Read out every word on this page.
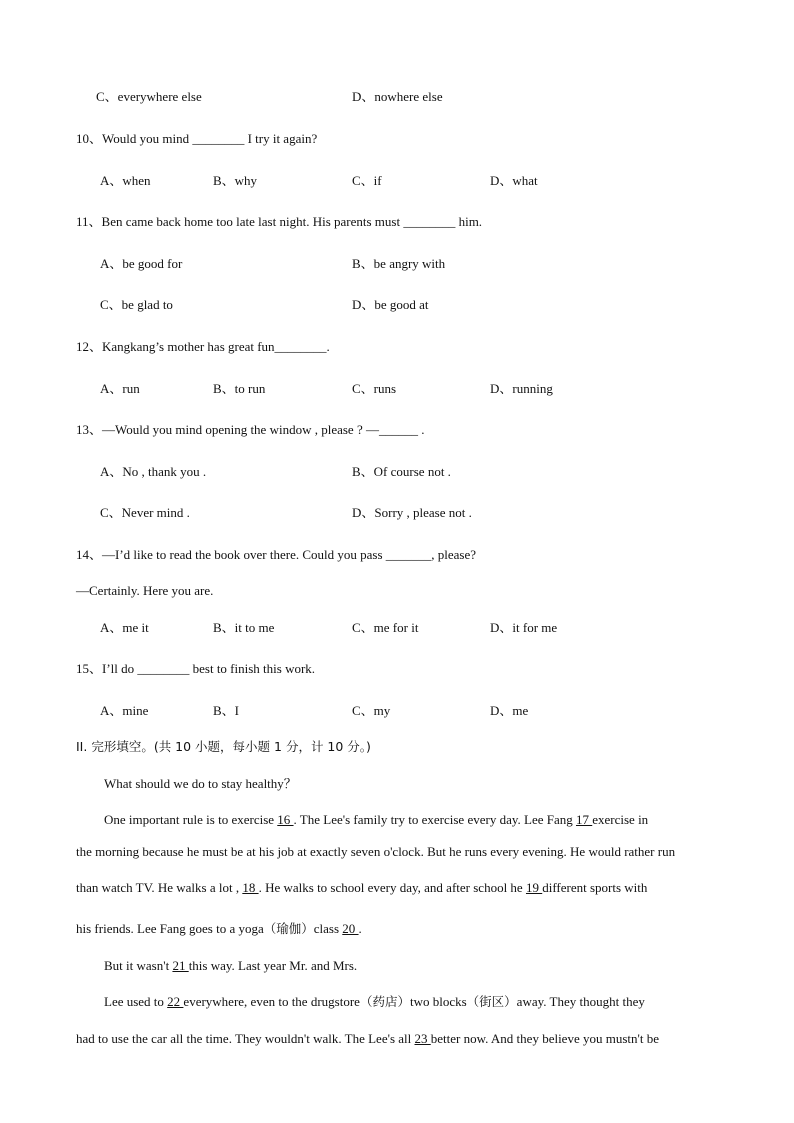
C、everywhere else	D、nowhere else
10、Would you mind ________ I try it again?
A、when	B、why	C、if	D、what
11、Ben came back home too late last night. His parents must ________ him.
A、be good for	B、be angry with
C、be glad to	D、be good at
12、Kangkang’s mother has great fun________.
A、run	B、to run	C、runs	D、running
13、—Would you mind opening the window , please ? —______ .
A、No , thank you .	B、Of course not .
C、Never mind .	D、Sorry , please not .
14、—I’d like to read the book over there. Could you pass _______, please?
—Certainly. Here you are.
A、me it	B、it to me	C、me for it	D、it for me
15、I’ll do ________ best to finish this work.
A、mine	B、I	C、my	D、me
II. 完形填空。(共 10 小题，每小题 1 分，计 10 分。)
What should we do to stay healthy？
One important rule is to exercise 16 . The Lee's family try to exercise every day. Lee Fang 17 exercise in
the morning because he must be at his job at exactly seven o'clock. But he runs every evening. He would rather run
than watch TV. He walks a lot , 18 . He walks to school every day, and after school he 19 different sports with
his friends. Lee Fang goes to a yoga（瑜伽）class 20 .
But it wasn't 21 this way. Last year Mr. and Mrs.
Lee used to 22 everywhere, even to the drugstore（药店）two blocks（街区）away. They thought they
had to use the car all the time. They wouldn't walk. The Lee's all 23 better now. And they believe you mustn't be
